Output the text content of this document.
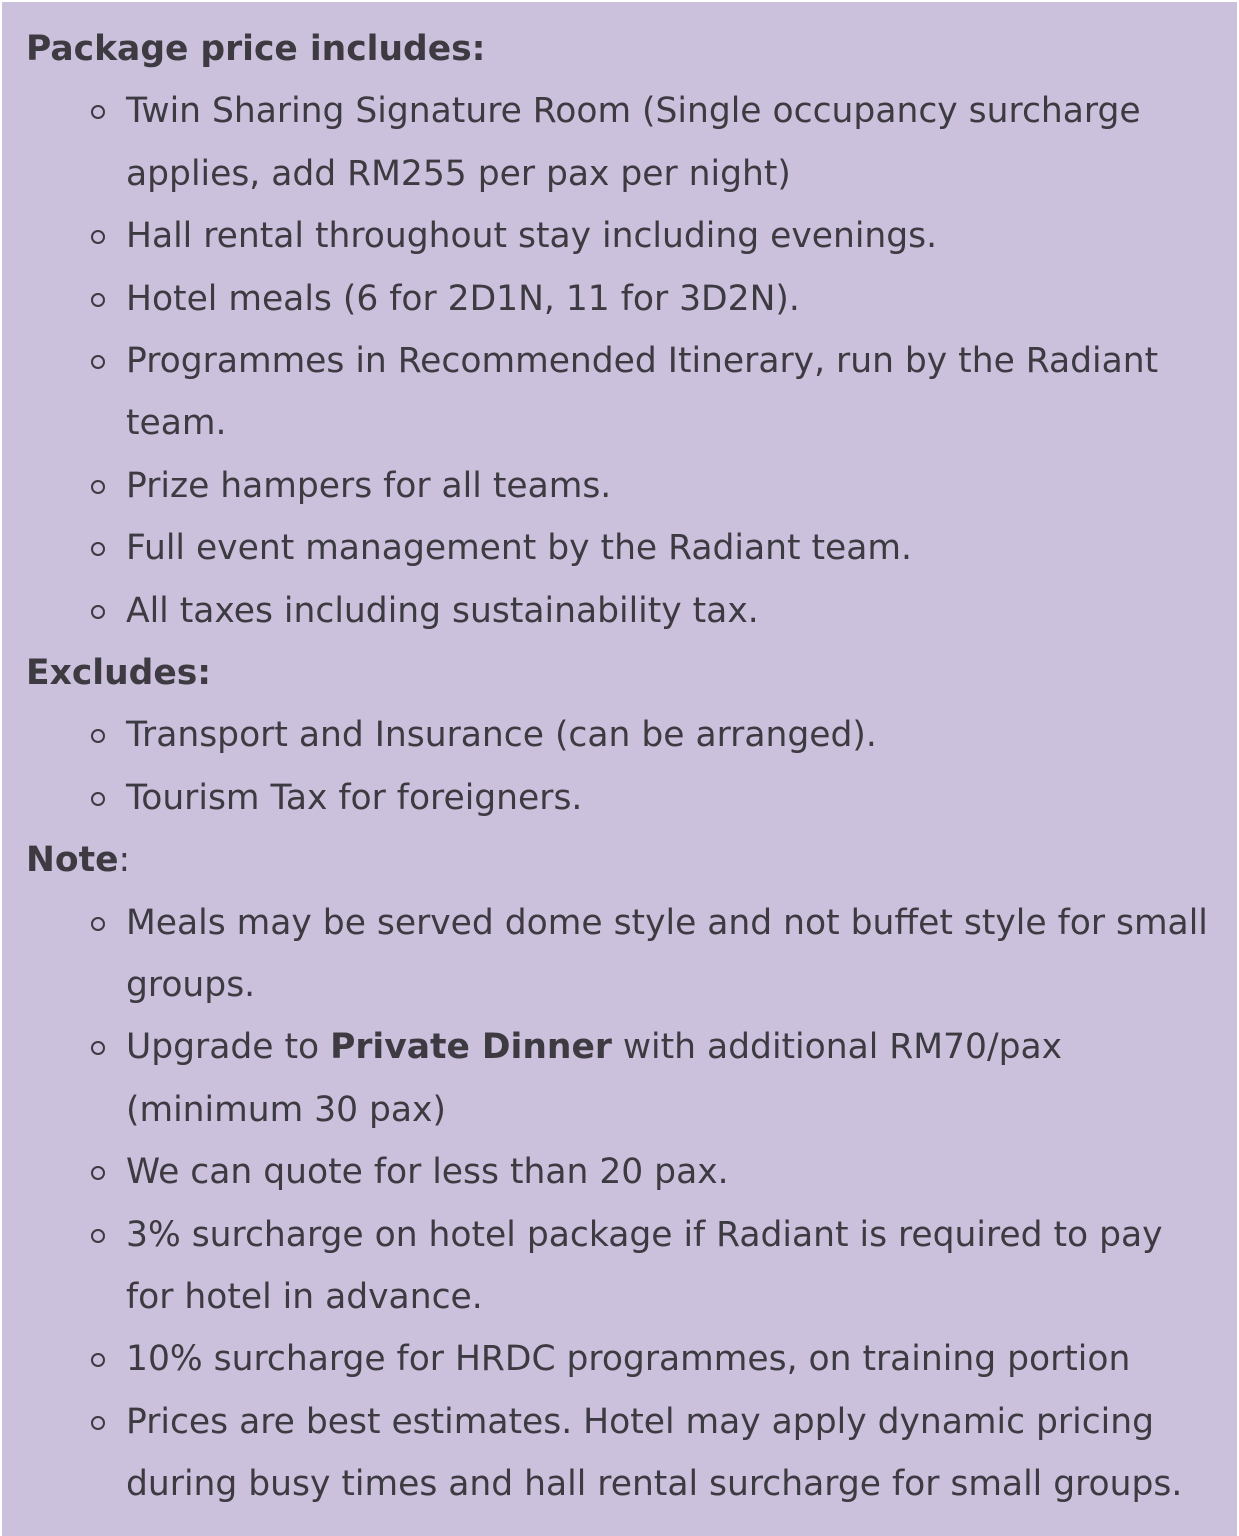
Package price includes:
Twin Sharing Signature Room (Single occupancy surcharge applies, add RM255 per pax per night)
Hall rental throughout stay including evenings.
Hotel meals (6 for 2D1N, 11 for 3D2N).
Programmes in Recommended Itinerary, run by the Radiant team.
Prize hampers for all teams.
Full event management by the Radiant team.
All taxes including sustainability tax.
Excludes:
Transport and Insurance (can be arranged).
Tourism Tax for foreigners.
Note:
Meals may be served dome style and not buffet style for small groups.
Upgrade to Private Dinner with additional RM70/pax (minimum 30 pax)
We can quote for less than 20 pax.
3% surcharge on hotel package if Radiant is required to pay for hotel in advance.
10% surcharge for HRDC programmes, on training portion
Prices are best estimates. Hotel may apply dynamic pricing during busy times and hall rental surcharge for small groups.
